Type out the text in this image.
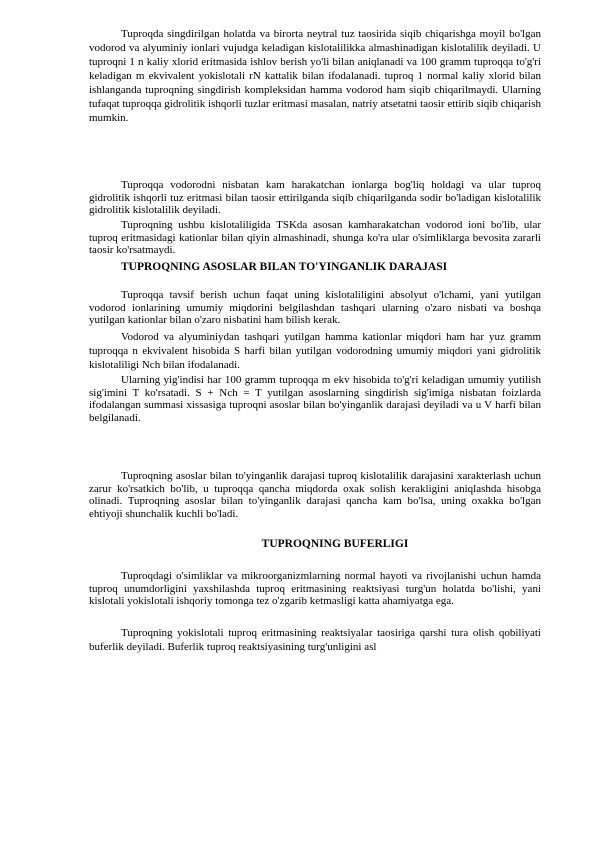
Tuproqda singdirilgan holatda va birorta neytral tuz taosirida siqib chiqarishga moyil bo'lgan vodorod va alyuminiy ionlari vujudga keladigan kislotalilikka almashinadigan kislotalilik deyiladi. U tuproqni 1 n kaliy xlorid eritmasida ishlov berish yo'li bilan aniqlanadi va 100 gramm tuproqqa to'g'ri keladigan m ekvivalent yokislotali rN kattalik bilan ifodalanadi. tuproq 1 normal kaliy xlorid bilan ishlanganda tuproqning singdirish kompleksidan hamma vodorod ham siqib chiqarilmaydi. Ularning tufaqat tuproqqa gidrolitik ishqorli tuzlar eritmasi masalan, natriy atsetatni taosir ettirib siqib chiqarish mumkin.

Tuproqqa vodorodni nisbatan kam harakatchan ionlarga bog'liq holdagi va ular tuproq gidrolitik ishqorli tuz eritmasi bilan taosir ettirilganda siqib chiqarilganda sodir bo'ladigan kislotalilik gidrolitik kislotalilik deyiladi.

Tuproqning ushbu kislotaliligida TSKda asosan kamharakatchan vodorod ioni bo'lib, ular tuproq eritmasidagi kationlar bilan qiyin almashinadi, shunga ko'ra ular o'simliklarga bevosita zararli taosir ko'rsatmaydi.

TUPROQNING ASOSLAR BILAN TO'YINGANLIK DARAJASI

Tuproqqa tavsif berish uchun faqat uning kislotaliligini absolyut o'lchami, yani yutilgan vodorod ionlarining umumiy miqdorini belgilashdan tashqari ularning o'zaro nisbati va boshqa yutilgan kationlar bilan o'zaro nisbatini ham bilish kerak.

Vodorod va alyuminiydan tashqari yutilgan hamma kationlar miqdori ham har yuz gramm tuproqqa n ekvivalent hisobida S harfi bilan yutilgan vodorodning umumiy miqdori yani gidrolitik kislotaliligi Nch bilan ifodalanadi.

Ularning yig'indisi har 100 gramm tuproqqa m ekv hisobida to'g'ri keladigan umumiy yutilish sig'imini T ko'rsatadi. S + Nch = T yutilgan asoslarning singdirish sig'imiga nisbatan foizlarda ifodalangan summasi xissasiga tuproqni asoslar bilan bo'yinganlik darajasi deyiladi va u V harfi bilan belgilanadi.

Tuproqning asoslar bilan to'yinganlik darajasi tuproq kislotalilik darajasini xarakterlash uchun zarur ko'rsatkich bo'lib, u tuproqqa qancha miqdorda oxak solish kerakligini aniqlashda hisobga olinadi. Tuproqning asoslar bilan to'yinganlik darajasi qancha kam bo'lsa, uning oxakka bo'lgan ehtiyoji shunchalik kuchli bo'ladi.

TUPROQNING BUFERLIGI

Tuproqdagi o'simliklar va mikroorganizmlarning normal hayoti va rivojlanishi uchun hamda tuproq unumdorligini yaxshilashda tuproq eritmasining reaktsiyasi turg'un holatda bo'lishi, yani kislotali yokislotali ishqoriy tomonga tez o'zgarib ketmasligi katta ahamiyatga ega.

Tuproqning yokislotali tuproq eritmasining reaktsiyalar taosiriga qarshi tura olish qobiliyati buferlik deyiladi. Buferlik tuproq reaktsiyasining turg'unligini asl
